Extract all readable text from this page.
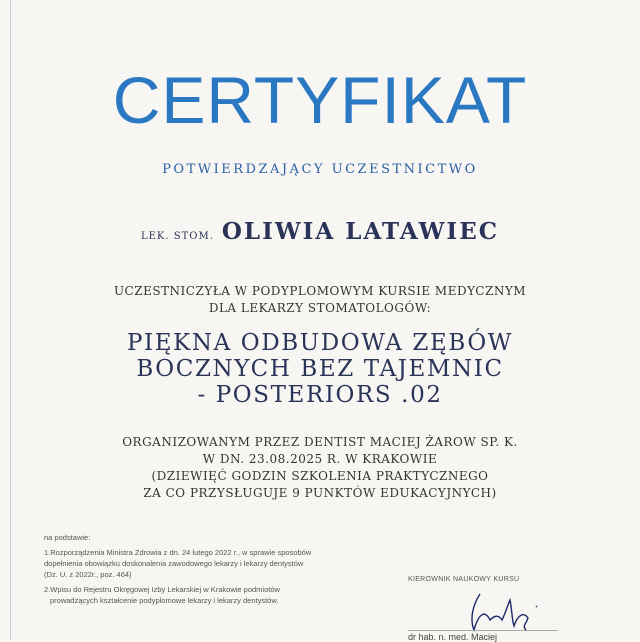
CERTYFIKAT
POTWIERDZAJĄCY UCZESTNICTWO
LEK. STOM. OLIWIA LATAWIEC
UCZESTNICZYŁA W PODYPLOMOWYM KURSIE MEDYCZNYM
DLA LEKARZY STOMATOLOGÓW:
PIĘKNA ODBUDOWA ZĘBÓW
BOCZNYCH BEZ TAJEMNIC
- POSTERIORS .02
ORGANIZOWANYM PRZEZ DENTIST MACIEJ ŻAROW SP. K.
W DN. 23.08.2025 R. W KRAKOWIE
(DZIEWIĘĆ GODZIN SZKOLENIA PRAKTYCZNEGO
ZA CO PRZYSŁUGUJE 9 PUNKTÓW EDUKACYJNYCH)

na podstawie:

1.Rozporządzenia Ministra Zdrowia z dn. 24 lutego 2022 r., w sprawie sposobów
dopełnienia obowiązku doskonalenia zawodowego lekarzy i lekarzy dentystów
(Dz. U. z 2022r., poz. 464)

2.Wpisu do Rejestru Okręgowej Izby Lekarskiej w Krakowie podmiotów
prowadzących kształcenie podyplomowe lekarzy i lekarzy dentystów.

KIEROWNIK NAUKOWY KURSU
dr hab. n. med. Maciej
